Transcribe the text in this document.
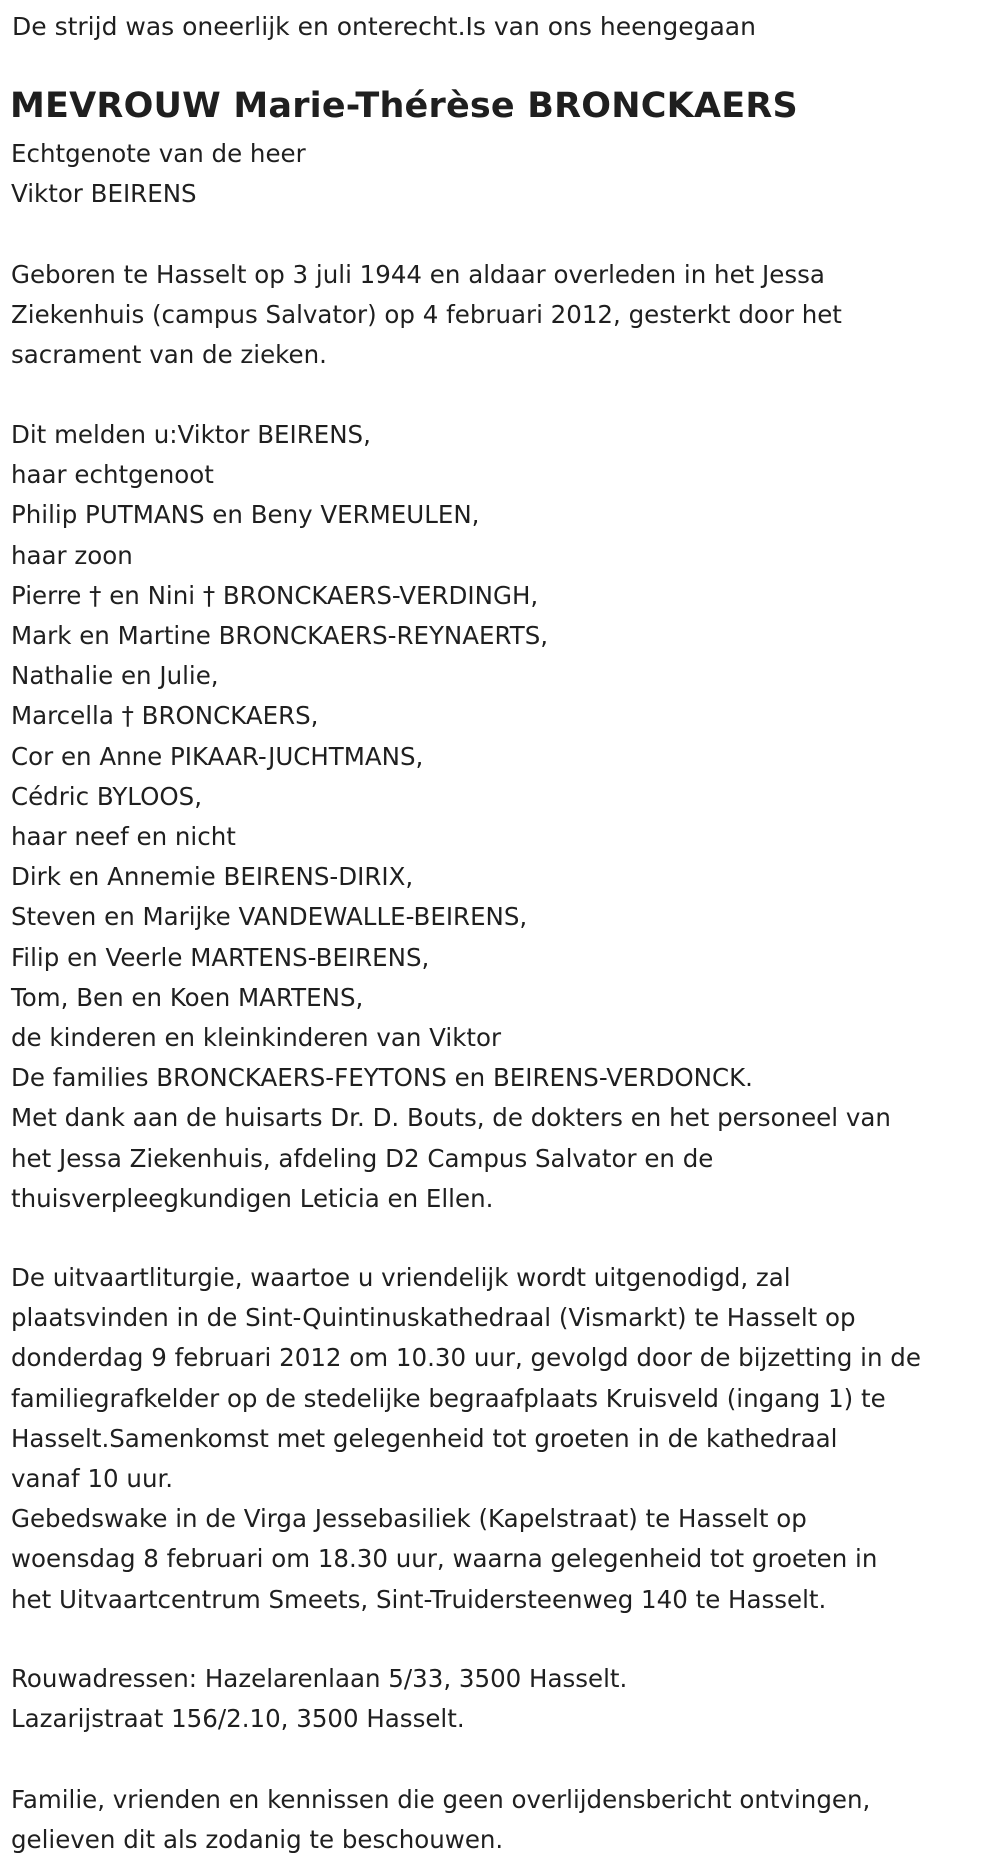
De strijd was oneerlijk en onterecht.Is van ons heengegaan

MEVROUW Marie-Thérèse BRONCKAERS

Echtgenote van de heer
Viktor BEIRENS

Geboren te Hasselt op 3 juli 1944 en aldaar overleden in het Jessa
Ziekenhuis (campus Salvator) op 4 februari 2012, gesterkt door het
sacrament van de zieken.

Dit melden u:Viktor BEIRENS,
haar echtgenoot
Philip PUTMANS en Beny VERMEULEN,
haar zoon
Pierre † en Nini † BRONCKAERS-VERDINGH,
Mark en Martine BRONCKAERS-REYNAERTS,
Nathalie en Julie,
Marcella † BRONCKAERS,
Cor en Anne PIKAAR-JUCHTMANS,
Cédric BYLOOS,
haar neef en nicht
Dirk en Annemie BEIRENS-DIRIX,
Steven en Marijke VANDEWALLE-BEIRENS,
Filip en Veerle MARTENS-BEIRENS,
Tom, Ben en Koen MARTENS,
de kinderen en kleinkinderen van Viktor
De families BRONCKAERS-FEYTONS en BEIRENS-VERDONCK.
Met dank aan de huisarts Dr. D. Bouts, de dokters en het personeel van
het Jessa Ziekenhuis, afdeling D2 Campus Salvator en de
thuisverpleegkundigen Leticia en Ellen.

De uitvaartliturgie, waartoe u vriendelijk wordt uitgenodigd, zal
plaatsvinden in de Sint-Quintinuskathedraal (Vismarkt) te Hasselt op
donderdag 9 februari 2012 om 10.30 uur, gevolgd door de bijzetting in de
familiegrafkelder op de stedelijke begraafplaats Kruisveld (ingang 1) te
Hasselt.Samenkomst met gelegenheid tot groeten in de kathedraal
vanaf 10 uur.
Gebedswake in de Virga Jessebasiliek (Kapelstraat) te Hasselt op
woensdag 8 februari om 18.30 uur, waarna gelegenheid tot groeten in
het Uitvaartcentrum Smeets, Sint-Truidersteenweg 140 te Hasselt.

Rouwadressen: Hazelarenlaan 5/33, 3500 Hasselt.
Lazarijstraat 156/2.10, 3500 Hasselt.

Familie, vrienden en kennissen die geen overlijdensbericht ontvingen,
gelieven dit als zodanig te beschouwen.
